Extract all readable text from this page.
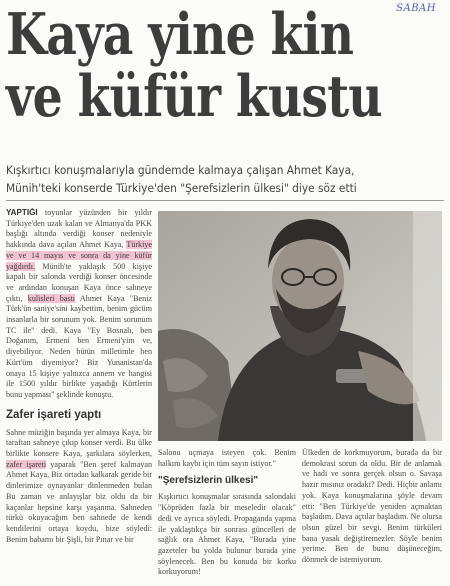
SABAH
Kaya yine kin
ve küfür kustu
Kışkırtıcı konuşmalarıyla gündemde kalmaya çalışan Ahmet Kaya,
Münih'teki konserde Türkiye'den "Şerefsizlerin ülkesi" diye söz etti
YAPTIĞI toyunlar yüzünden bir yıldır Türkiye'den uzak kalan ve Almanya'da PKK başlığı altında verdiği konser nedeniyle hakkında dava açılan Ahmet Kaya, Türkiye ve ve 14 mayıs ve sonra da yine küfür yağdırdı. Münih'te yaklaşık 500 kişiye kapalı bir salonda verdiği konser öncesinde ve ardından konuşan Kaya önce sahneye çıktı, kulisleri bastı Ahmet Kaya "Beniz Türk'ün saniye'sini kaybettim, benim gücüm insanlarla bir sorunum yok. Benim sorunum TC ile" dedi. Kaya "Ey Bosnalı, ben Doğanım, Ermeni ben Ermeni'yim ve, diyebiliyor. Neden bütün milletimle ben Kürt'üm diyemiyor? Biz Yunanistan'da onaya 15 kişiye yalnızca annem ve hangisi ile 1500 yıldır birlikte yaşadığı Kürtlerin bunu yapması" şeklinde konuştu.
Zafer işareti yaptı
Sahne müziğin başında yer almaya Kaya, bir taraftan sahneye çıkıp konser verdi. Bu ülke birlikte konsere Kaya, şarkılara söylerken, zafer işareti yaparak "Ben şeref kalmayan Ahmet Kaya, Biz ortadan kalkarak geride bir dinlerimize oynayanlar dinlenmeden bulan Bu zaman ve anlayışlar biz oldu da bir kaçanlar hepsine karşı yaşanma. Sahneden türkü okuyacağım ben sahnede de kendi kendilerini ortaya koydu, bize söyledi: Benim babamı bir Şişli, bir Pınar ve bir
Salonu uçmaya isteyen çok. Benim halkım kaybı için tüm sayın istiyor."
"Şerefsizlerin ülkesi"
Kışkırtıcı konuşmalar sırasında salondaki "Köprüden fazla bir meseledir olacak" dedi ve ayrıca söyledi. Propaganda yapma ile yaklaştıkça bir sonrası güncelleri de sağlık ora Ahmet Kaya, "Burada yine gazeteler bu yolda bulunur burada yine söylenecek. Ben bu konuda bir korku korkuyorum!
Ülkeden de korkmuyorum, burada da bir demokrasi sorun da oldu. Bir de anlamak ve hadi ve sonra gerçek olsun o. Savaşa hazır mısınız oradaki? Dedi. Hiçbir anlamı yok. Kaya konuşmalarına şöyle devam etti: "Ben Türkiye'de yeniden açmaktan başladım. Dava açtılar başladım. Ne olursa olsun güzel bir sevgi. Benim türküleri bana yasak değiştiremezler. Söyle benim yerime. Ben de bunu düşüneceğim, dönmek de istemiyorum.
